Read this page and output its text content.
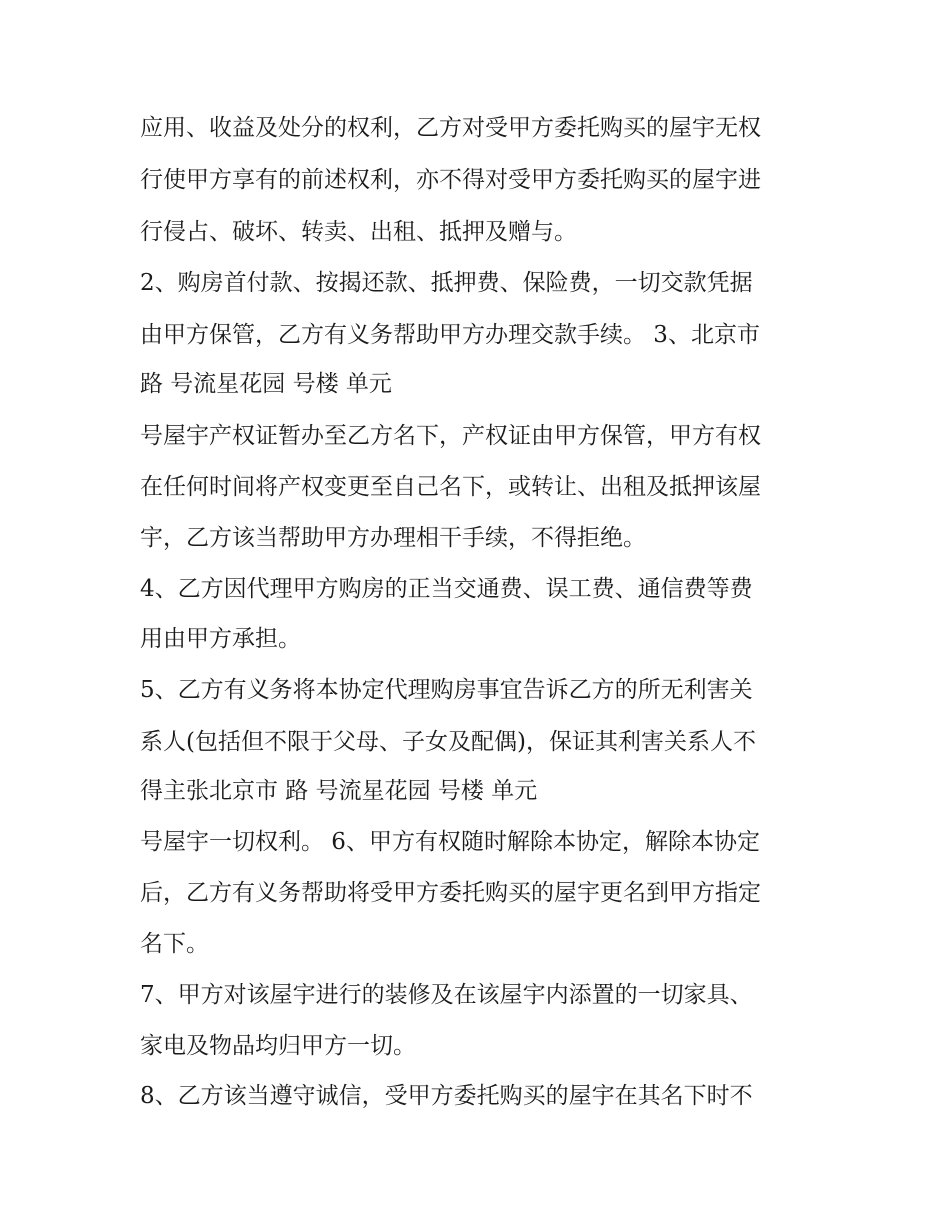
应用、收益及处分的权利，乙方对受甲方委托购买的屋宇无权
行使甲方享有的前述权利，亦不得对受甲方委托购买的屋宇进
行侵占、破坏、转卖、出租、抵押及赠与。
2、购房首付款、按揭还款、抵押费、保险费，一切交款凭据
由甲方保管，乙方有义务帮助甲方办理交款手续。 3、北京市
路 号流星花园 号楼 单元
号屋宇产权证暂办至乙方名下，产权证由甲方保管，甲方有权
在任何时间将产权变更至自己名下，或转让、出租及抵押该屋
宇，乙方该当帮助甲方办理相干手续，不得拒绝。
4、乙方因代理甲方购房的正当交通费、误工费、通信费等费
用由甲方承担。
5、乙方有义务将本协定代理购房事宜告诉乙方的所无利害关
系人(包括但不限于父母、子女及配偶)，保证其利害关系人不
得主张北京市 路 号流星花园 号楼 单元
号屋宇一切权利。 6、甲方有权随时解除本协定，解除本协定
后，乙方有义务帮助将受甲方委托购买的屋宇更名到甲方指定
名下。
7、甲方对该屋宇进行的装修及在该屋宇内添置的一切家具、
家电及物品均归甲方一切。
8、乙方该当遵守诚信，受甲方委托购买的屋宇在其名下时不
